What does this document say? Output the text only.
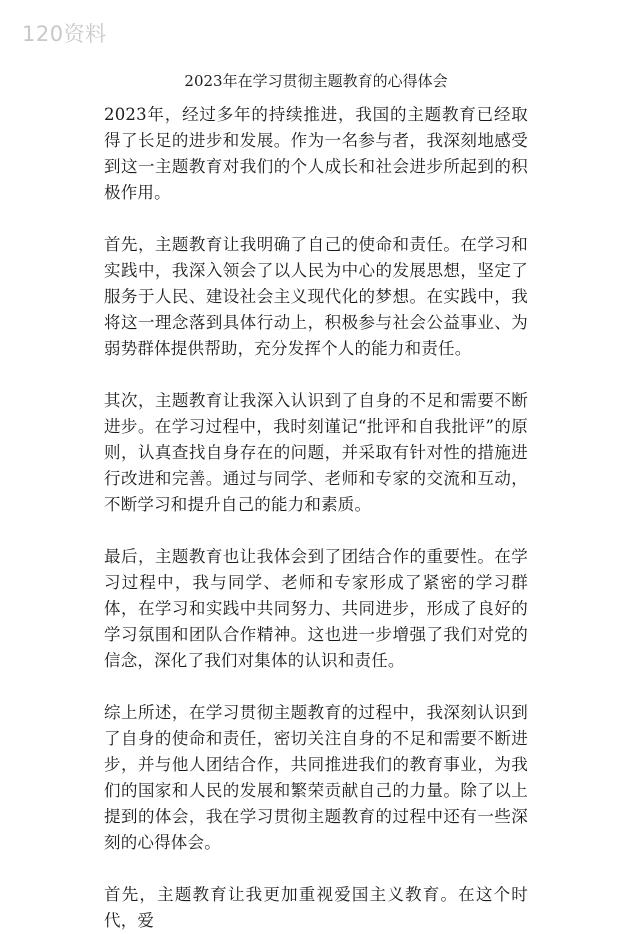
120资料
2023年在学习贯彻主题教育的心得体会

2023年，经过多年的持续推进，我国的主题教育已经取得了长足的进步和发展。作为一名参与者，我深刻地感受到这一主题教育对我们的个人成长和社会进步所起到的积极作用。

首先，主题教育让我明确了自己的使命和责任。在学习和实践中，我深入领会了以人民为中心的发展思想，坚定了服务于人民、建设社会主义现代化的梦想。在实践中，我将这一理念落到具体行动上，积极参与社会公益事业、为弱势群体提供帮助，充分发挥个人的能力和责任。

其次，主题教育让我深入认识到了自身的不足和需要不断进步。在学习过程中，我时刻谨记“批评和自我批评”的原则，认真查找自身存在的问题，并采取有针对性的措施进行改进和完善。通过与同学、老师和专家的交流和互动，不断学习和提升自己的能力和素质。

最后，主题教育也让我体会到了团结合作的重要性。在学习过程中，我与同学、老师和专家形成了紧密的学习群体，在学习和实践中共同努力、共同进步，形成了良好的学习氛围和团队合作精神。这也进一步增强了我们对党的信念，深化了我们对集体的认识和责任。

综上所述，在学习贯彻主题教育的过程中，我深刻认识到了自身的使命和责任，密切关注自身的不足和需要不断进步，并与他人团结合作，共同推进我们的教育事业，为我们的国家和人民的发展和繁荣贡献自己的力量。除了以上提到的体会，我在学习贯彻主题教育的过程中还有一些深刻的心得体会。

首先，主题教育让我更加重视爱国主义教育。在这个时代，爱
